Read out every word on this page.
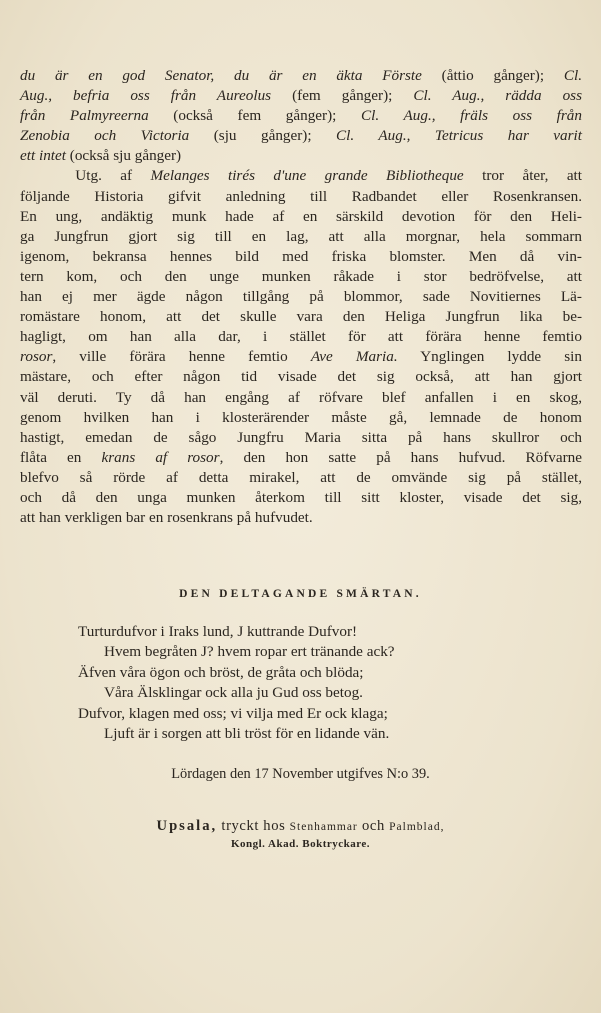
du är en god Senator, du är en äkta Förste (åttio gånger); Cl.
Aug., befria oss från Aureolus (fem gånger); Cl. Aug., rädda oss
från Palmyreerna (också fem gånger); Cl. Aug., fräls oss från
Zenobia och Victoria (sju gånger); Cl. Aug., Tetricus har varit
ett intet (också sju gånger)
Utg. af Melanges tirés d'une grande Bibliotheque tror åter, att
följande Historia gifvit anledning till Radbandet eller Rosenkransen.
En ung, andäktig munk hade af en särskild devotion för den Heli-
ga Jungfrun gjort sig till en lag, att alla morgnar, hela sommarn
igenom, bekransa hennes bild med friska blomster. Men då vin-
tern kom, och den unge munken råkade i stor bedröfvelse, att
han ej mer ägde någon tillgång på blommor, sade Novitiernes Lä-
romästare honom, att det skulle vara den Heliga Jungfrun lika be-
hagligt, om han alla dar, i stället för att förära henne femtio
rosor, ville förära henne femtio Ave Maria. Ynglingen lydde sin
mästare, och efter någon tid visade det sig också, att han gjort
väl deruti. Ty då han engång af röfvare blef anfallen i en skog,
genom hvilken han i klosterärender måste gå, lemnade de honom
hastigt, emedan de sågo Jungfru Maria sitta på hans skullror och
flåta en krans af rosor, den hon satte på hans hufvud. Röfvarne
blefvo så rörde af detta mirakel, att de omvände sig på stället,
och då den unga munken återkom till sitt kloster, visade det sig,
att han verkligen bar en rosenkrans på hufvudet.
DEN DELTAGANDE SMÄRTAN.
Turturdufvor i Iraks lund, J kuttrande Dufvor!
Hvem begråten J? hvem ropar ert tränande ack?
Äfven våra ögon och bröst, de gråta och blöda;
Våra Älsklingar ock alla ju Gud oss betog.
Dufvor, klagen med oss; vi vilja med Er ock klaga;
Ljuft är i sorgen att bli tröst för en lidande vän.
Lördagen den 17 November utgifves N:o 39.
Upsala, tryckt hos Stenhammar och Palmblad,
Kongl. Akad. Boktryckare.
